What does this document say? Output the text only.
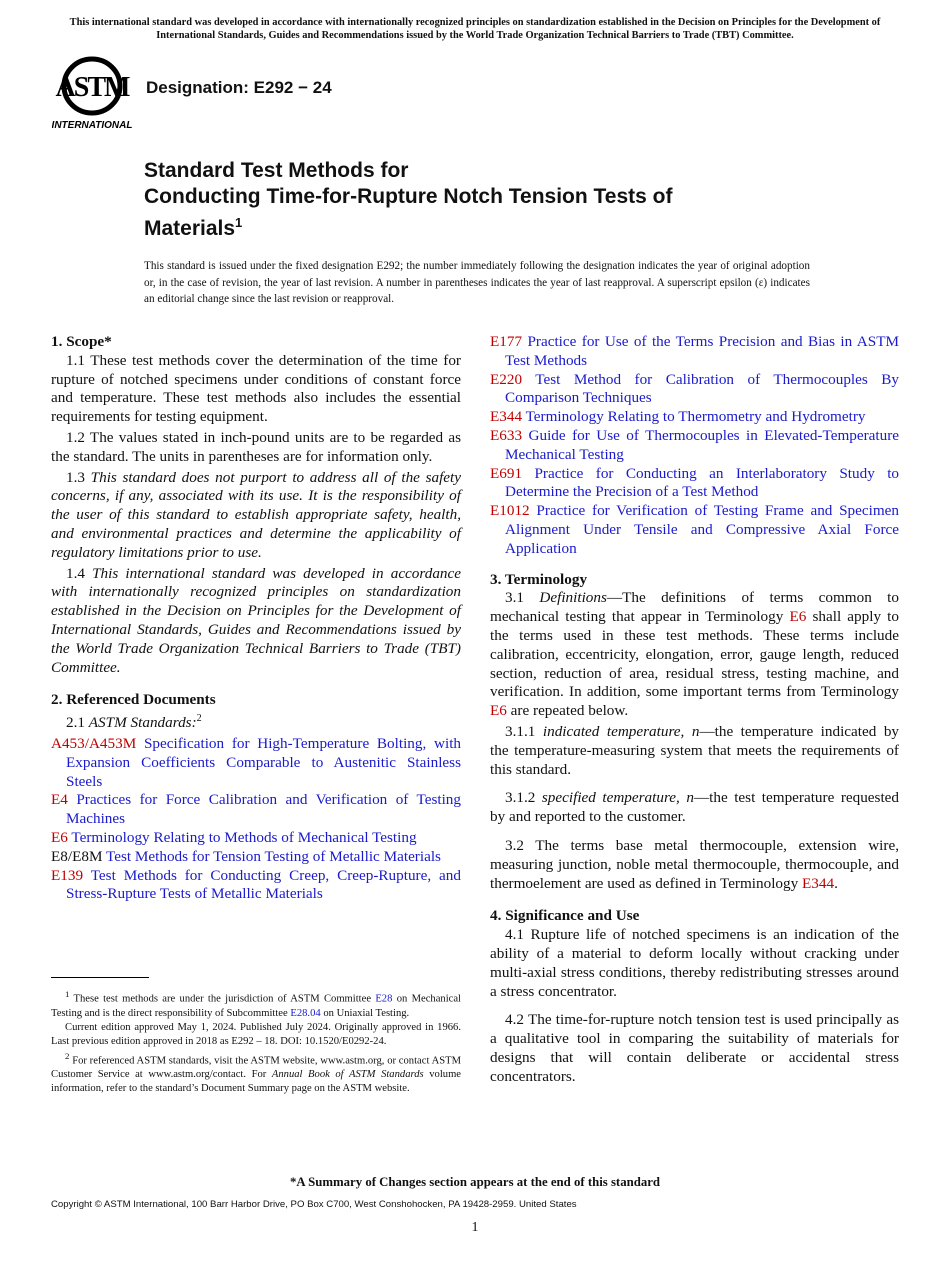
This international standard was developed in accordance with internationally recognized principles on standardization established in the Decision on Principles for the Development of International Standards, Guides and Recommendations issued by the World Trade Organization Technical Barriers to Trade (TBT) Committee.
ASTM
INTERNATIONAL
Designation: E292 − 24
Standard Test Methods for
Conducting Time-for-Rupture Notch Tension Tests of
Materials$^1$
This standard is issued under the fixed designation E292; the number immediately following the designation indicates the year of original adoption or, in the case of revision, the year of last revision. A number in parentheses indicates the year of last reapproval. A superscript epsilon (ε) indicates an editorial change since the last revision or reapproval.

1. Scope*

1.1 These test methods cover the determination of the time for rupture of notched specimens under conditions of constant force and temperature. These test methods also includes the essential requirements for testing equipment.

1.2 The values stated in inch-pound units are to be regarded as the standard. The units in parentheses are for information only.

1.3 This standard does not purport to address all of the safety concerns, if any, associated with its use. It is the responsibility of the user of this standard to establish appropriate safety, health, and environmental practices and determine the applicability of regulatory limitations prior to use.

1.4 This international standard was developed in accordance with internationally recognized principles on standardization established in the Decision on Principles for the Development of International Standards, Guides and Recommendations issued by the World Trade Organization Technical Barriers to Trade (TBT) Committee.

2. Referenced Documents

2.1 ASTM Standards:$^2$

A453/A453M Specification for High-Temperature Bolting, with Expansion Coefficients Comparable to Austenitic Stainless Steels

E4 Practices for Force Calibration and Verification of Testing Machines

E6 Terminology Relating to Methods of Mechanical Testing

E8/E8M Test Methods for Tension Testing of Metallic Materials

E139 Test Methods for Conducting Creep, Creep-Rupture, and Stress-Rupture Tests of Metallic Materials

E177 Practice for Use of the Terms Precision and Bias in ASTM Test Methods

E220 Test Method for Calibration of Thermocouples By Comparison Techniques

E344 Terminology Relating to Thermometry and Hydrometry

E633 Guide for Use of Thermocouples in Elevated-Temperature Mechanical Testing

E691 Practice for Conducting an Interlaboratory Study to Determine the Precision of a Test Method

E1012 Practice for Verification of Testing Frame and Specimen Alignment Under Tensile and Compressive Axial Force Application

3. Terminology

3.1 Definitions—The definitions of terms common to mechanical testing that appear in Terminology E6 shall apply to the terms used in these test methods. These terms include calibration, eccentricity, elongation, error, gauge length, reduced section, reduction of area, residual stress, testing machine, and verification. In addition, some important terms from Terminology E6 are repeated below.

3.1.1 indicated temperature, n—the temperature indicated by the temperature-measuring system that meets the requirements of this standard.

3.1.2 specified temperature, n—the test temperature requested by and reported to the customer.

3.2 The terms base metal thermocouple, extension wire, measuring junction, noble metal thermocouple, thermocouple, and thermoelement are used as defined in Terminology E344.

4. Significance and Use

4.1 Rupture life of notched specimens is an indication of the ability of a material to deform locally without cracking under multi-axial stress conditions, thereby redistributing stresses around a stress concentrator.

4.2 The time-for-rupture notch tension test is used principally as a qualitative tool in comparing the suitability of materials for designs that will contain deliberate or accidental stress concentrators.

$^1$ These test methods are under the jurisdiction of ASTM Committee E28 on Mechanical Testing and is the direct responsibility of Subcommittee E28.04 on Uniaxial Testing.

Current edition approved May 1, 2024. Published July 2024. Originally approved in 1966. Last previous edition approved in 2018 as E292 – 18. DOI: 10.1520/E0292-24.

$^2$ For referenced ASTM standards, visit the ASTM website, www.astm.org, or contact ASTM Customer Service at www.astm.org/contact. For Annual Book of ASTM Standards volume information, refer to the standard’s Document Summary page on the ASTM website.

*A Summary of Changes section appears at the end of this standard
Copyright © ASTM International, 100 Barr Harbor Drive, PO Box C700, West Conshohocken, PA 19428-2959. United States
1
